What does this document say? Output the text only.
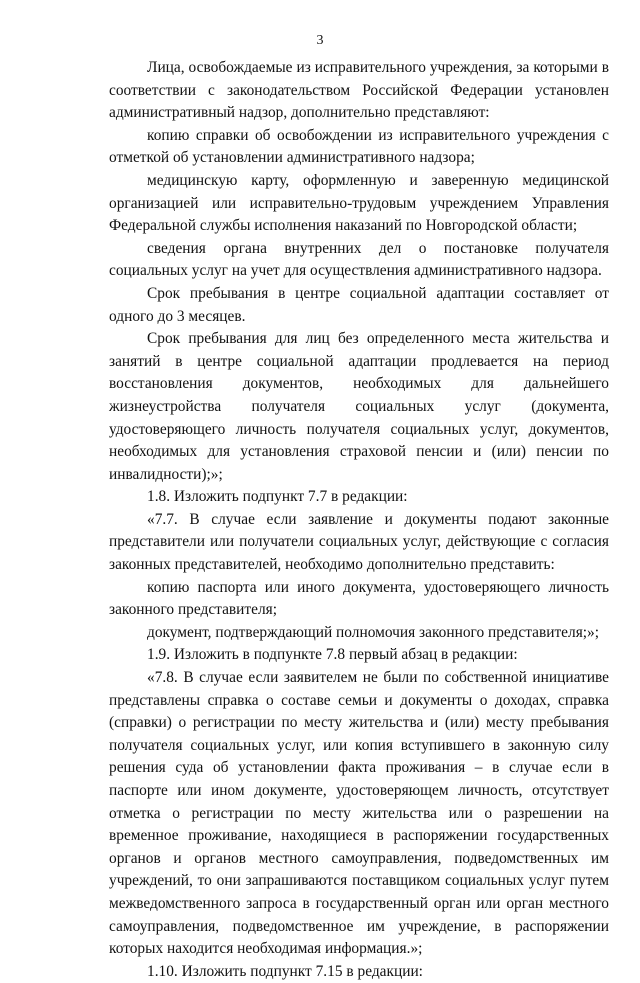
3

Лица, освобождаемые из исправительного учреждения, за которыми в соответствии с законодательством Российской Федерации установлен административный надзор, дополнительно представляют:

копию справки об освобождении из исправительного учреждения с отметкой об установлении административного надзора;

медицинскую карту, оформленную и заверенную медицинской организацией или исправительно-трудовым учреждением Управления Федеральной службы исполнения наказаний по Новгородской области;

сведения органа внутренних дел о постановке получателя социальных услуг на учет для осуществления административного надзора.

Срок пребывания в центре социальной адаптации составляет от одного до 3 месяцев.

Срок пребывания для лиц без определенного места жительства и занятий в центре социальной адаптации продлевается на период восстановления документов, необходимых для дальнейшего жизнеустройства получателя социальных услуг (документа, удостоверяющего личность получателя социальных услуг, документов, необходимых для установления страховой пенсии и (или) пенсии по инвалидности);»;

1.8. Изложить подпункт 7.7 в редакции:

«7.7. В случае если заявление и документы подают законные представители или получатели социальных услуг, действующие с согласия законных представителей, необходимо дополнительно представить:

копию паспорта или иного документа, удостоверяющего личность законного представителя;

документ, подтверждающий полномочия законного представителя;»;

1.9. Изложить в подпункте 7.8 первый абзац в редакции:

«7.8. В случае если заявителем не были по собственной инициативе представлены справка о составе семьи и документы о доходах, справка (справки) о регистрации по месту жительства и (или) месту пребывания получателя социальных услуг, или копия вступившего в законную силу решения суда об установлении факта проживания – в случае если в паспорте или ином документе, удостоверяющем личность, отсутствует отметка о регистрации по месту жительства или о разрешении на временное проживание, находящиеся в распоряжении государственных органов и органов местного самоуправления, подведомственных им учреждений, то они запрашиваются поставщиком социальных услуг путем межведомственного запроса в государственный орган или орган местного самоуправления, подведомственное им учреждение, в распоряжении которых находится необходимая информация.»;

1.10. Изложить подпункт 7.15 в редакции:
